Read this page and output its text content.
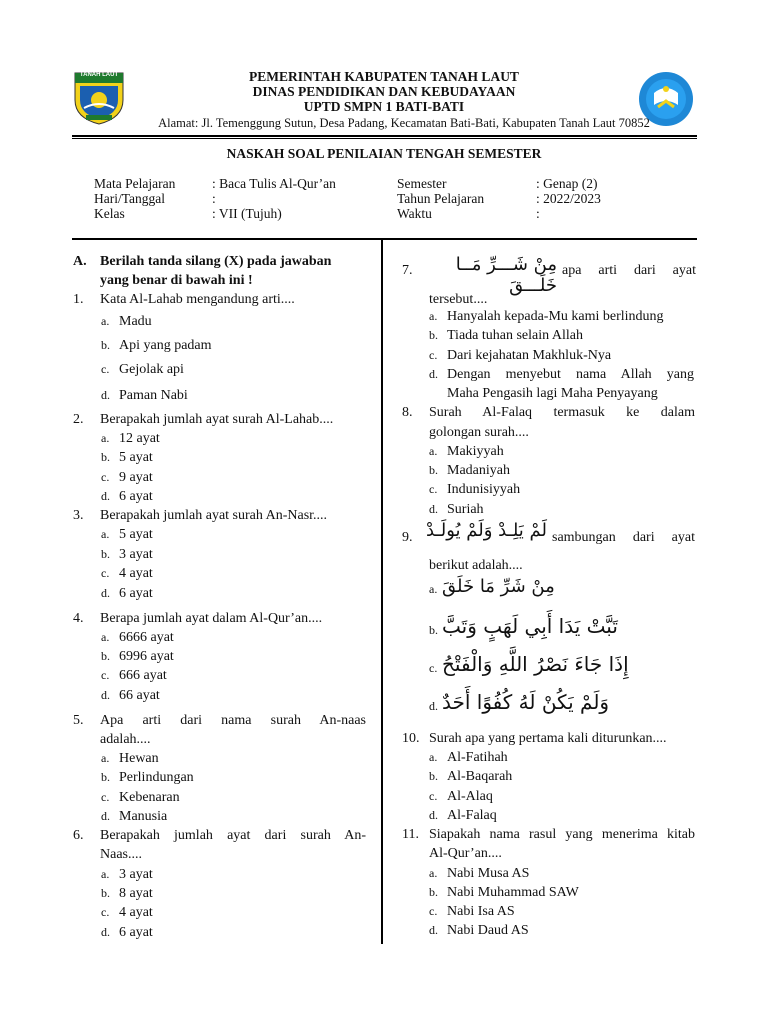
TANAH LAUT	PEMERINTAH KABUPATEN TANAH LAUT
DINAS PENDIDIKAN DAN KEBUDAYAAN
UPTD SMPN 1 BATI-BATI
Alamat: Jl. Temenggung Sutun, Desa Padang, Kecamatan Bati-Bati, Kabupaten Tanah Laut 70852
NASKAH SOAL PENILAIAN TENGAH SEMESTER
Mata Pelajaran	: Baca Tulis Al-Qur’an
Hari/Tanggal	:
Kelas	: VII (Tujuh)
Semester	: Genap (2)
Tahun Pelajaran	: 2022/2023
Waktu	:
A. Berilah tanda silang (X) pada jawaban
yang benar di bawah ini !
1. Kata Al-Lahab mengandung arti....
a. Madu
b. Api yang padam
c. Gejolak api
d. Paman Nabi
2. Berapakah jumlah ayat surah Al-Lahab....
a. 12 ayat
b. 5 ayat
c. 9 ayat
d. 6 ayat
3. Berapakah jumlah ayat surah An-Nasr....
a. 5 ayat
b. 3 ayat
c. 4 ayat
d. 6 ayat
4. Berapa jumlah ayat dalam Al-Qur’an....
a. 6666 ayat
b. 6996 ayat
c. 666 ayat
d. 66 ayat
5. Apa arti dari nama surah An-naas
adalah....
a. Hewan
b. Perlindungan
c. Kebenaran
d. Manusia
6. Berapakah jumlah ayat dari surah An-
Naas....
a. 3 ayat
b. 8 ayat
c. 4 ayat
d. 6 ayat
7.	مِنْ شَـــرِّ مَــا خَلَـــقَ
apa arti dari ayat
tersebut....
a. Hanyalah kepada-Mu kami berlindung
b. Tiada tuhan selain Allah
c. Dari kejahatan Makhluk-Nya
d. Dengan menyebut nama Allah yang
Maha Pengasih lagi Maha Penyayang
8. Surah Al-Falaq termasuk ke dalam
golongan surah....
a. Makiyyah
b. Madaniyah
c. Indunisiyyah
d. Suriah
9. لَمْ يَلِـدْ وَلَمْ يُولَـدْ sambungan dari ayat
berikut adalah....
a. مِنْ شَرِّ مَا خَلَقَ
b. تَبَّتْ يَدَا أَبِي لَهَبٍ وَتَبَّ
c. إِذَا جَاءَ نَصْرُ اللَّهِ وَالْفَتْحُ
d. وَلَمْ يَكُنْ لَهُ كُفُوًا أَحَدٌ
10. Surah apa yang pertama kali diturunkan....
a. Al-Fatihah
b. Al-Baqarah
c. Al-Alaq
d. Al-Falaq
11. Siapakah nama rasul yang menerima kitab
Al-Qur’an....
a. Nabi Musa AS
b. Nabi Muhammad SAW
c. Nabi Isa AS
d. Nabi Daud AS
